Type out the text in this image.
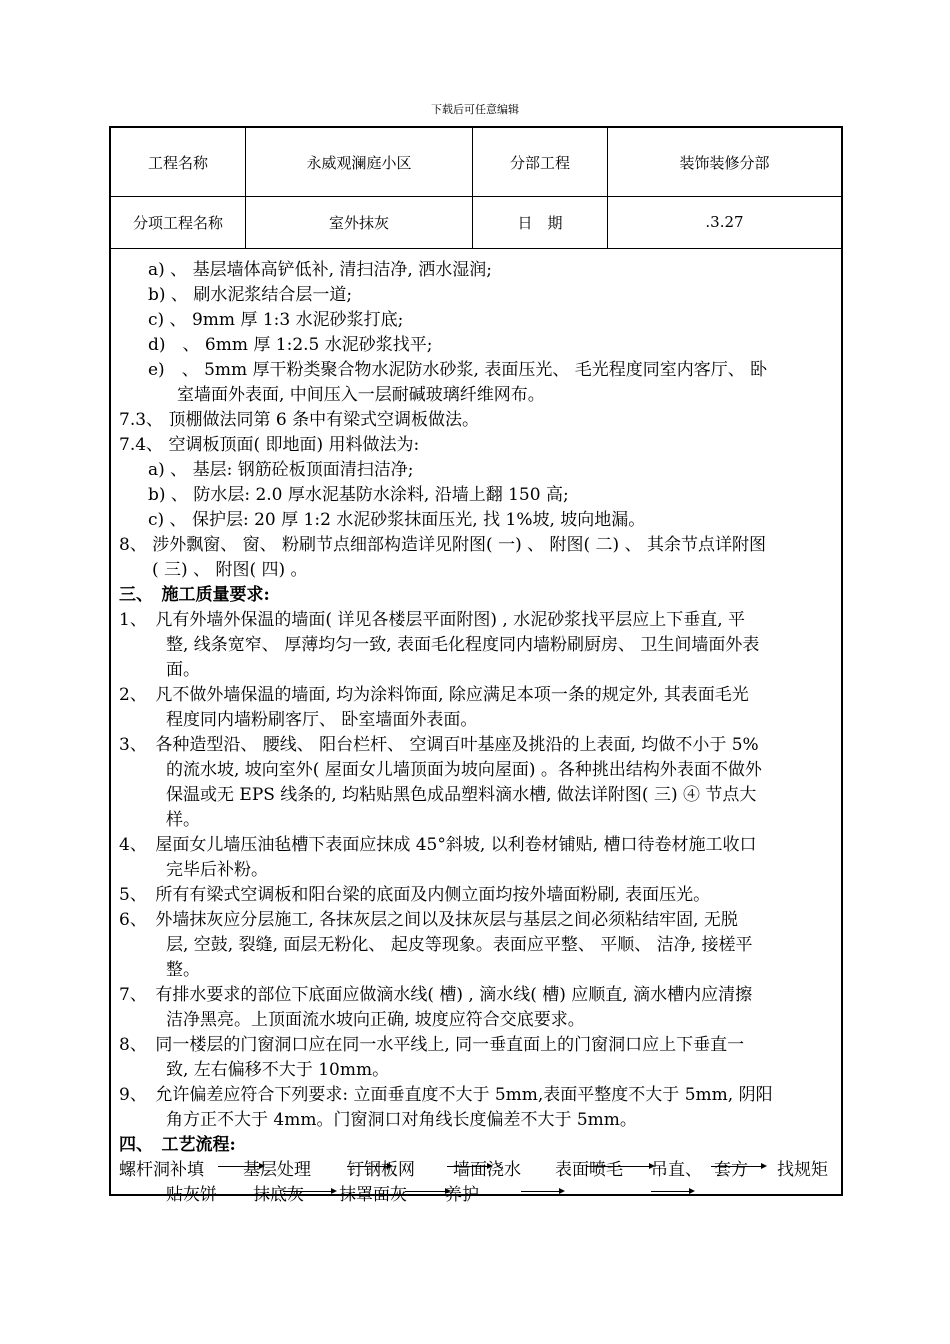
下载后可任意编辑
工程名称	永威观澜庭小区	分部工程	装饰装修分部
分项工程名称	室外抹灰	日　期	.3.27
a) 、 基层墙体高铲低补, 清扫洁净, 洒水湿润;
b) 、 刷水泥浆结合层一道;
c) 、 9mm 厚 1:3 水泥砂浆打底;
d)　、 6mm 厚 1:2.5 水泥砂浆找平;
e)　、 5mm 厚干粉类聚合物水泥防水砂浆, 表面压光、 毛光程度同室内客厅、 卧
室墙面外表面, 中间压入一层耐碱玻璃纤维网布。
7.3、 顶棚做法同第 6 条中有梁式空调板做法。
7.4、 空调板顶面( 即地面) 用料做法为:
a) 、 基层: 钢筋砼板顶面清扫洁净;
b) 、 防水层: 2.0 厚水泥基防水涂料, 沿墙上翻 150 高;
c) 、 保护层: 20 厚 1:2 水泥砂浆抹面压光, 找 1%坡, 坡向地漏。
8、 涉外飘窗、 窗、 粉刷节点细部构造详见附图( 一) 、 附图( 二) 、 其余节点详附图
( 三) 、 附图( 四) 。
三、　施工质量要求:
1、　凡有外墙外保温的墙面( 详见各楼层平面附图) , 水泥砂浆找平层应上下垂直, 平
整, 线条宽窄、 厚薄均匀一致, 表面毛化程度同内墙粉刷厨房、 卫生间墙面外表
面。
2、　凡不做外墙保温的墙面, 均为涂料饰面, 除应满足本项一条的规定外, 其表面毛光
程度同内墙粉刷客厅、 卧室墙面外表面。
3、　各种造型沿、 腰线、 阳台栏杆、 空调百叶基座及挑沿的上表面, 均做不小于 5%
的流水坡, 坡向室外( 屋面女儿墙顶面为坡向屋面) 。各种挑出结构外表面不做外
保温或无 EPS 线条的, 均粘贴黑色成品塑料滴水槽, 做法详附图( 三) ④ 节点大
样。
4、　屋面女儿墙压油毡槽下表面应抹成 45°斜坡, 以利卷材铺贴, 槽口待卷材施工收口
完毕后补粉。
5、　所有有梁式空调板和阳台梁的底面及内侧立面均按外墙面粉刷, 表面压光。
6、　外墙抹灰应分层施工, 各抹灰层之间以及抹灰层与基层之间必须粘结牢固, 无脱
层, 空鼓, 裂缝, 面层无粉化、 起皮等现象。表面应平整、 平顺、 洁净, 接槎平
整。
7、　有排水要求的部位下底面应做滴水线( 槽) , 滴水线( 槽) 应顺直, 滴水槽内应清擦
洁净黑亮。上顶面流水坡向正确, 坡度应符合交底要求。
8、　同一楼层的门窗洞口应在同一水平线上, 同一垂直面上的门窗洞口应上下垂直一
致, 左右偏移不大于 10mm。
9、　允许偏差应符合下列要求: 立面垂直度不大于 5mm,表面平整度不大于 5mm, 阴阳
角方正不大于 4mm。门窗洞口对角线长度偏差不大于 5mm。
四、　工艺流程:
螺杆洞补填 基层处理 钉钢板网 墙面浇水 表面喷毛 吊直、 套方 找规矩
贴灰饼 抹底灰 抹罩面灰 养护
